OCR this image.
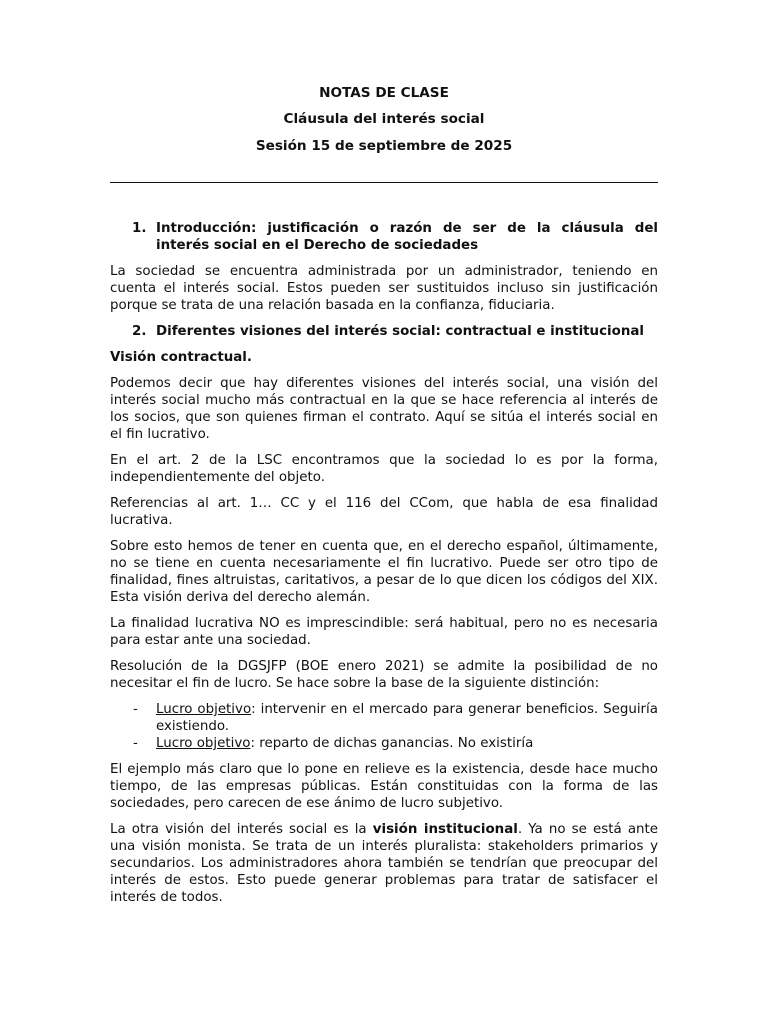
NOTAS DE CLASE
Cláusula del interés social
Sesión 15 de septiembre de 2025
1. Introducción: justificación o razón de ser de la cláusula del interés social en el Derecho de sociedades

La sociedad se encuentra administrada por un administrador, teniendo en cuenta el interés social. Estos pueden ser sustituidos incluso sin justificación porque se trata de una relación basada en la confianza, fiduciaria.

2. Diferentes visiones del interés social: contractual e institucional
Visión contractual.

Podemos decir que hay diferentes visiones del interés social, una visión del interés social mucho más contractual en la que se hace referencia al interés de los socios, que son quienes firman el contrato. Aquí se sitúa el interés social en el fin lucrativo.

En el art. 2 de la LSC encontramos que la sociedad lo es por la forma, independientemente del objeto.

Referencias al art. 1… CC y el 116 del CCom, que habla de esa finalidad lucrativa.

Sobre esto hemos de tener en cuenta que, en el derecho español, últimamente, no se tiene en cuenta necesariamente el fin lucrativo. Puede ser otro tipo de finalidad, fines altruistas, caritativos, a pesar de lo que dicen los códigos del XIX. Esta visión deriva del derecho alemán.

La finalidad lucrativa NO es imprescindible: será habitual, pero no es necesaria para estar ante una sociedad.

Resolución de la DGSJFP (BOE enero 2021) se admite la posibilidad de no necesitar el fin de lucro. Se hace sobre la base de la siguiente distinción:

-	Lucro objetivo: intervenir en el mercado para generar beneficios. Seguiría existiendo.
-	Lucro objetivo: reparto de dichas ganancias. No existiría

El ejemplo más claro que lo pone en relieve es la existencia, desde hace mucho tiempo, de las empresas públicas. Están constituidas con la forma de las sociedades, pero carecen de ese ánimo de lucro subjetivo.

La otra visión del interés social es la visión institucional. Ya no se está ante una visión monista. Se trata de un interés pluralista: stakeholders primarios y secundarios. Los administradores ahora también se tendrían que preocupar del interés de estos. Esto puede generar problemas para tratar de satisfacer el interés de todos.
